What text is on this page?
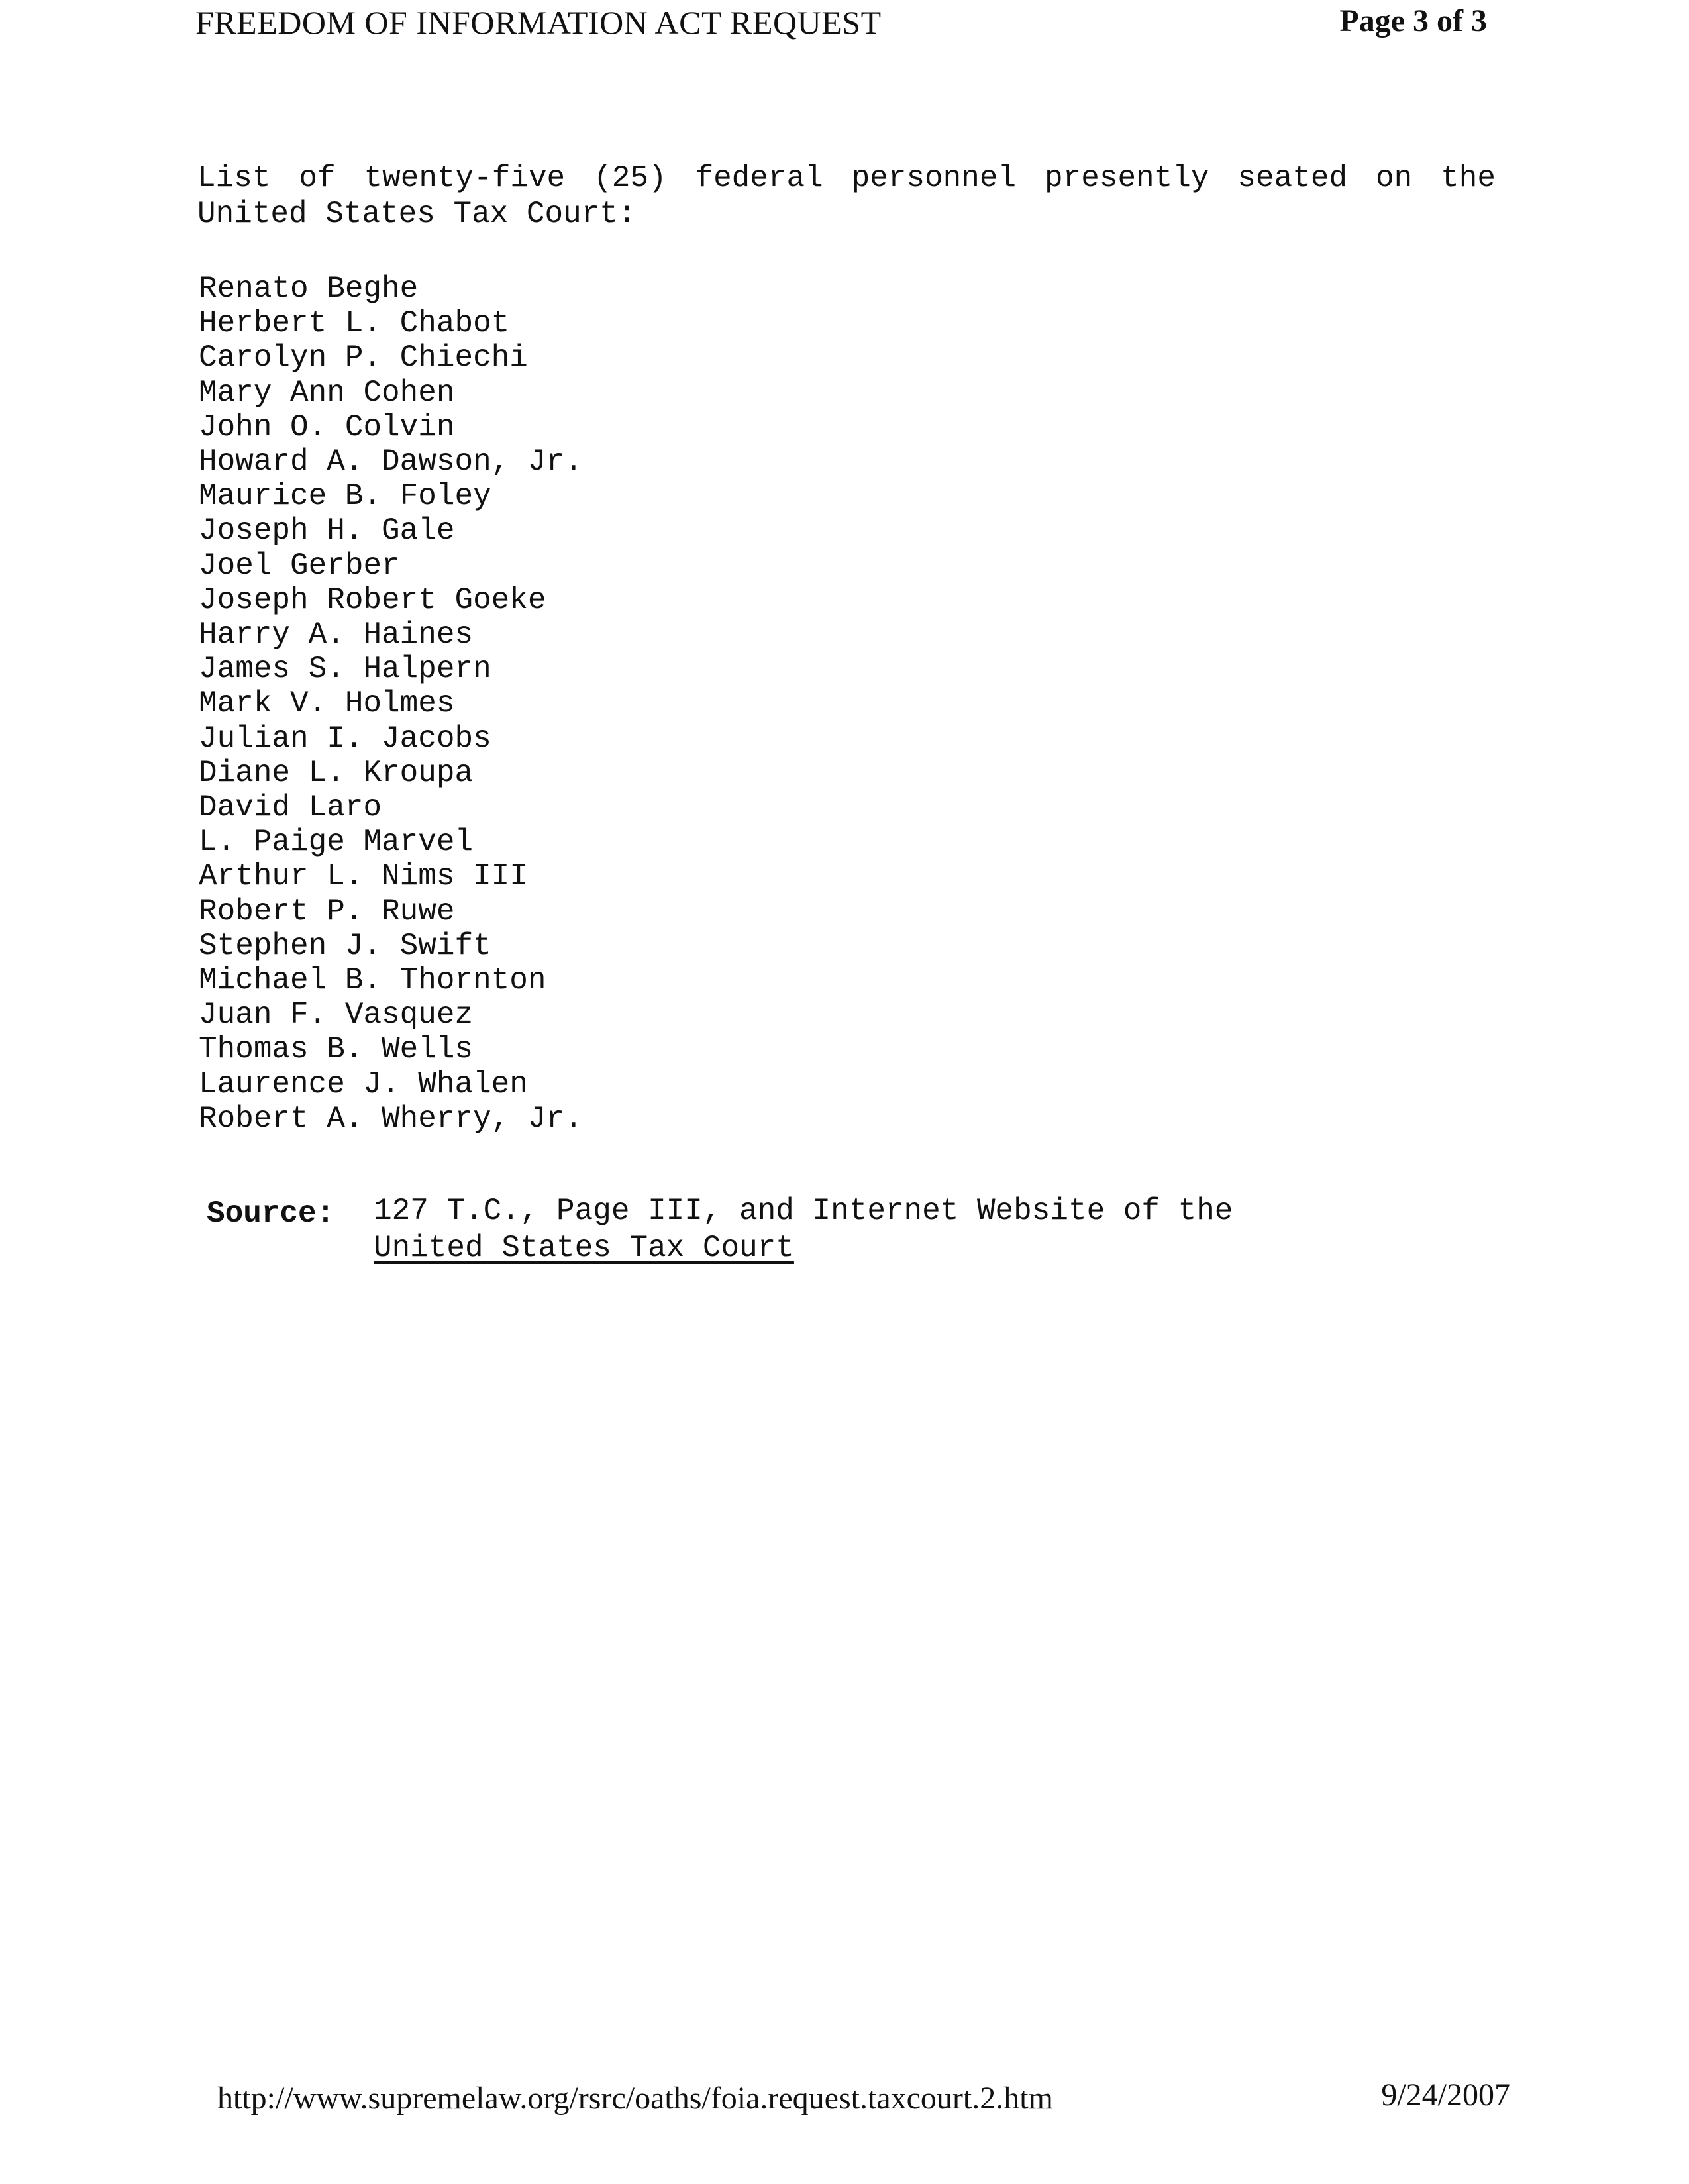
FREEDOM OF INFORMATION ACT REQUEST	Page 3 of 3
List of twenty-five (25) federal personnel presently seated on the
United States Tax Court:
Renato Beghe
Herbert L. Chabot
Carolyn P. Chiechi
Mary Ann Cohen
John O. Colvin
Howard A. Dawson, Jr.
Maurice B. Foley
Joseph H. Gale
Joel Gerber
Joseph Robert Goeke
Harry A. Haines
James S. Halpern
Mark V. Holmes
Julian I. Jacobs
Diane L. Kroupa
David Laro
L. Paige Marvel
Arthur L. Nims III
Robert P. Ruwe
Stephen J. Swift
Michael B. Thornton
Juan F. Vasquez
Thomas B. Wells
Laurence J. Whalen
Robert A. Wherry, Jr.
Source: 127 T.C., Page III, and Internet Website of the
United States Tax Court
http://www.supremelaw.org/rsrc/oaths/foia.request.taxcourt.2.htm	9/24/2007
